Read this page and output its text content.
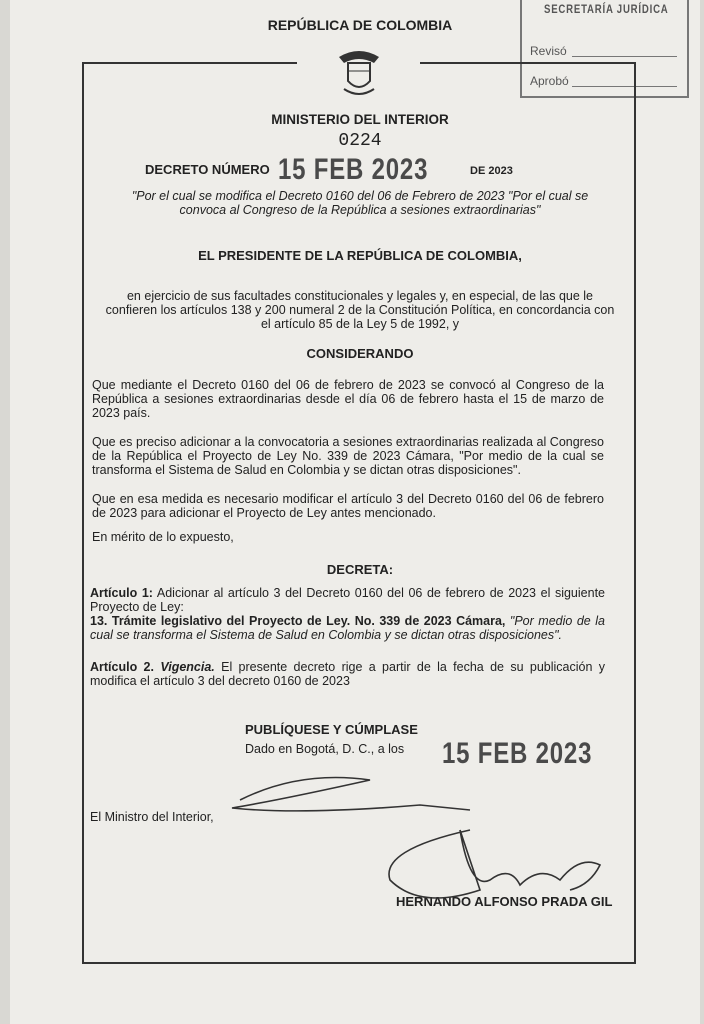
SECRETARÍA JURÍDICA
Revisó
Aprobó
REPÚBLICA DE COLOMBIA
MINISTERIO DEL INTERIOR
0224
DECRETO NÚMERO 15 FEB 2023	DE 2023
"Por el cual se modifica el Decreto 0160 del 06 de Febrero de 2023 "Por el cual se convoca al Congreso de la República a sesiones extraordinarias"
EL PRESIDENTE DE LA REPÚBLICA DE COLOMBIA,
en ejercicio de sus facultades constitucionales y legales y, en especial, de las que le confieren los artículos 138 y 200 numeral 2 de la Constitución Política, en concordancia con el artículo 85 de la Ley 5 de 1992, y
CONSIDERANDO
Que mediante el Decreto 0160 del 06 de febrero de 2023 se convocó al Congreso de la República a sesiones extraordinarias desde el día 06 de febrero hasta el 15 de marzo de 2023 país.
Que es preciso adicionar a la convocatoria a sesiones extraordinarias realizada al Congreso de la República el Proyecto de Ley No. 339 de 2023 Cámara, "Por medio de la cual se transforma el Sistema de Salud en Colombia y se dictan otras disposiciones".
Que en esa medida es necesario modificar el artículo 3 del Decreto 0160 del 06 de febrero de 2023 para adicionar el Proyecto de Ley antes mencionado.
En mérito de lo expuesto,
DECRETA:
Artículo 1: Adicionar al artículo 3 del Decreto 0160 del 06 de febrero de 2023 el siguiente Proyecto de Ley:
13. Trámite legislativo del Proyecto de Ley. No. 339 de 2023 Cámara, "Por medio de la cual se transforma el Sistema de Salud en Colombia y se dictan otras disposiciones".
Artículo 2. Vigencia. El presente decreto rige a partir de la fecha de su publicación y modifica el artículo 3 del decreto 0160 de 2023
PUBLÍQUESE Y CÚMPLASE
Dado en Bogotá, D. C., a los 15 FEB 2023
El Ministro del Interior,
HERNANDO ALFONSO PRADA GIL
